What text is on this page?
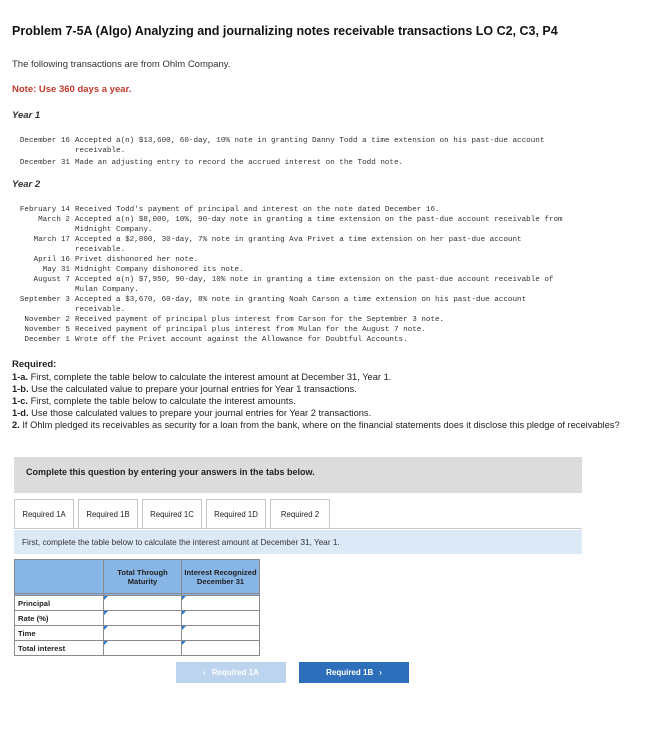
Problem 7-5A (Algo) Analyzing and journalizing notes receivable transactions LO C2, C3, P4
The following transactions are from Ohlm Company.
Note: Use 360 days a year.
Year 1
December 16 Accepted a(n) $13,600, 60-day, 10% note in granting Danny Todd a time extension on his past-due account
receivable.
December 31 Made an adjusting entry to record the accrued interest on the Todd note.
Year 2
February 14 Received Todd's payment of principal and interest on the note dated December 16.
March 2 Accepted a(n) $8,000, 10%, 90-day note in granting a time extension on the past-due account receivable from
Midnight Company.
March 17 Accepted a $2,800, 30-day, 7% note in granting Ava Privet a time extension on her past-due account
receivable.
April 16 Privet dishonored her note.
May 31 Midnight Company dishonored its note.
August 7 Accepted a(n) $7,950, 90-day, 10% note in granting a time extension on the past-due account receivable of
Mulan Company.
September 3 Accepted a $3,670, 60-day, 8% note in granting Noah Carson a time extension on his past-due account
receivable.
November 2 Received payment of principal plus interest from Carson for the September 3 note.
November 5 Received payment of principal plus interest from Mulan for the August 7 note.
December 1 Wrote off the Privet account against the Allowance for Doubtful Accounts.
Required:
1-a. First, complete the table below to calculate the interest amount at December 31, Year 1.
1-b. Use the calculated value to prepare your journal entries for Year 1 transactions.
1-c. First, complete the table below to calculate the interest amounts.
1-d. Use those calculated values to prepare your journal entries for Year 2 transactions.
2. If Ohlm pledged its receivables as security for a loan from the bank, where on the financial statements does it disclose this pledge of receivables?
Complete this question by entering your answers in the tabs below.
Required 1A	Required 1B	Required 1C	Required 1D	Required 2
First, complete the table below to calculate the interest amount at December 31, Year 1.
	Total Through Maturity	Interest Recognized December 31

Principal		
Rate (%)		
Time		
Total interest		
‹ Required 1A	Required 1B ›
